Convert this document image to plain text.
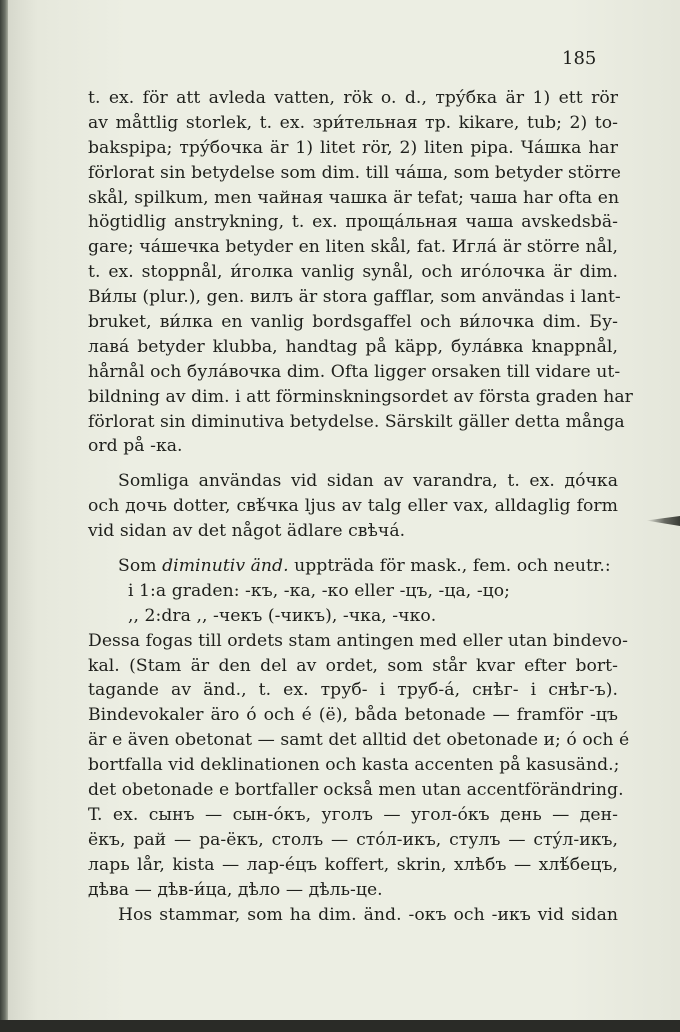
185
t. ex. för att avleda vatten, rök o. d., трýбка är 1) ett rör
av måttlig storlek, t. ex. зри́тельная тр. kikare, tub; 2) to-
bakspipa; трýбочка är 1) litet rör, 2) liten pipa. Чáшка har
förlorat sin betydelse som dim. till чáша, som betyder större
skål, spilkum, men чайная чашка är tefat; чаша har ofta en
högtidlig anstrykning, t. ex. прощáльная чаша avskedsbä-
gare; чáшечка betyder en liten skål, fat. Иглá är större nål,
t. ex. stoppnål, и́голка vanlig synål, och игóлочка är dim.
Ви́лы (plur.), gen. вилъ är stora gafflar, som användas i lant-
bruket, ви́лка en vanlig bordsgaffel och ви́лочка dim. Бу-
лавá betyder klubba, handtag på käpp, булáвка knappnål,
hårnål och булáвочка dim. Ofta ligger orsaken till vidare ut-
bildning av dim. i att förminskningsordet av första graden har
förlorat sin diminutiva betydelse. Särskilt gäller detta många
ord på -ка.
Somliga användas vid sidan av varandra, t. ex. дóчка
och дочь dotter, свѣ́чка ljus av talg eller vax, alldaglig form
vid sidan av det något ädlare свѣчá.
Som diminutiv änd. uppträda för mask., fem. och neutr.:
i 1:a graden: -къ, -ка, -ко eller -цъ, -ца, -цо;
,, 2:dra ,, -чекъ (-чикъ), -чка, -чко.
Dessa fogas till ordets stam antingen med eller utan bindevo-
kal. (Stam är den del av ordet, som står kvar efter bort-
tagande av änd., t. ex. труб- i труб-á, снѣг- i снѣг-ъ).
Bindevokaler äro ó och é (ё), båda betonade — framför -цъ
är e även obetonat — samt det alltid det obetonade и; ó och é
bortfalla vid deklinationen och kasta accenten på kasusänd.;
det obetonade e bortfaller också men utan accentförändring.
T. ex. сынъ — сын-óкъ, уголъ — угол-óкъ день — ден-
ёкъ, рай — ра-ёкъ, столъ — стóл-икъ, стулъ — стýл-икъ,
ларь lår, kista — лар-éцъ koffert, skrin, хлѣбъ — хлѣ́бецъ,
дѣва — дѣв-и́ца, дѣло — дѣль-це.
Hos stammar, som ha dim. änd. -окъ och -икъ vid sidan
